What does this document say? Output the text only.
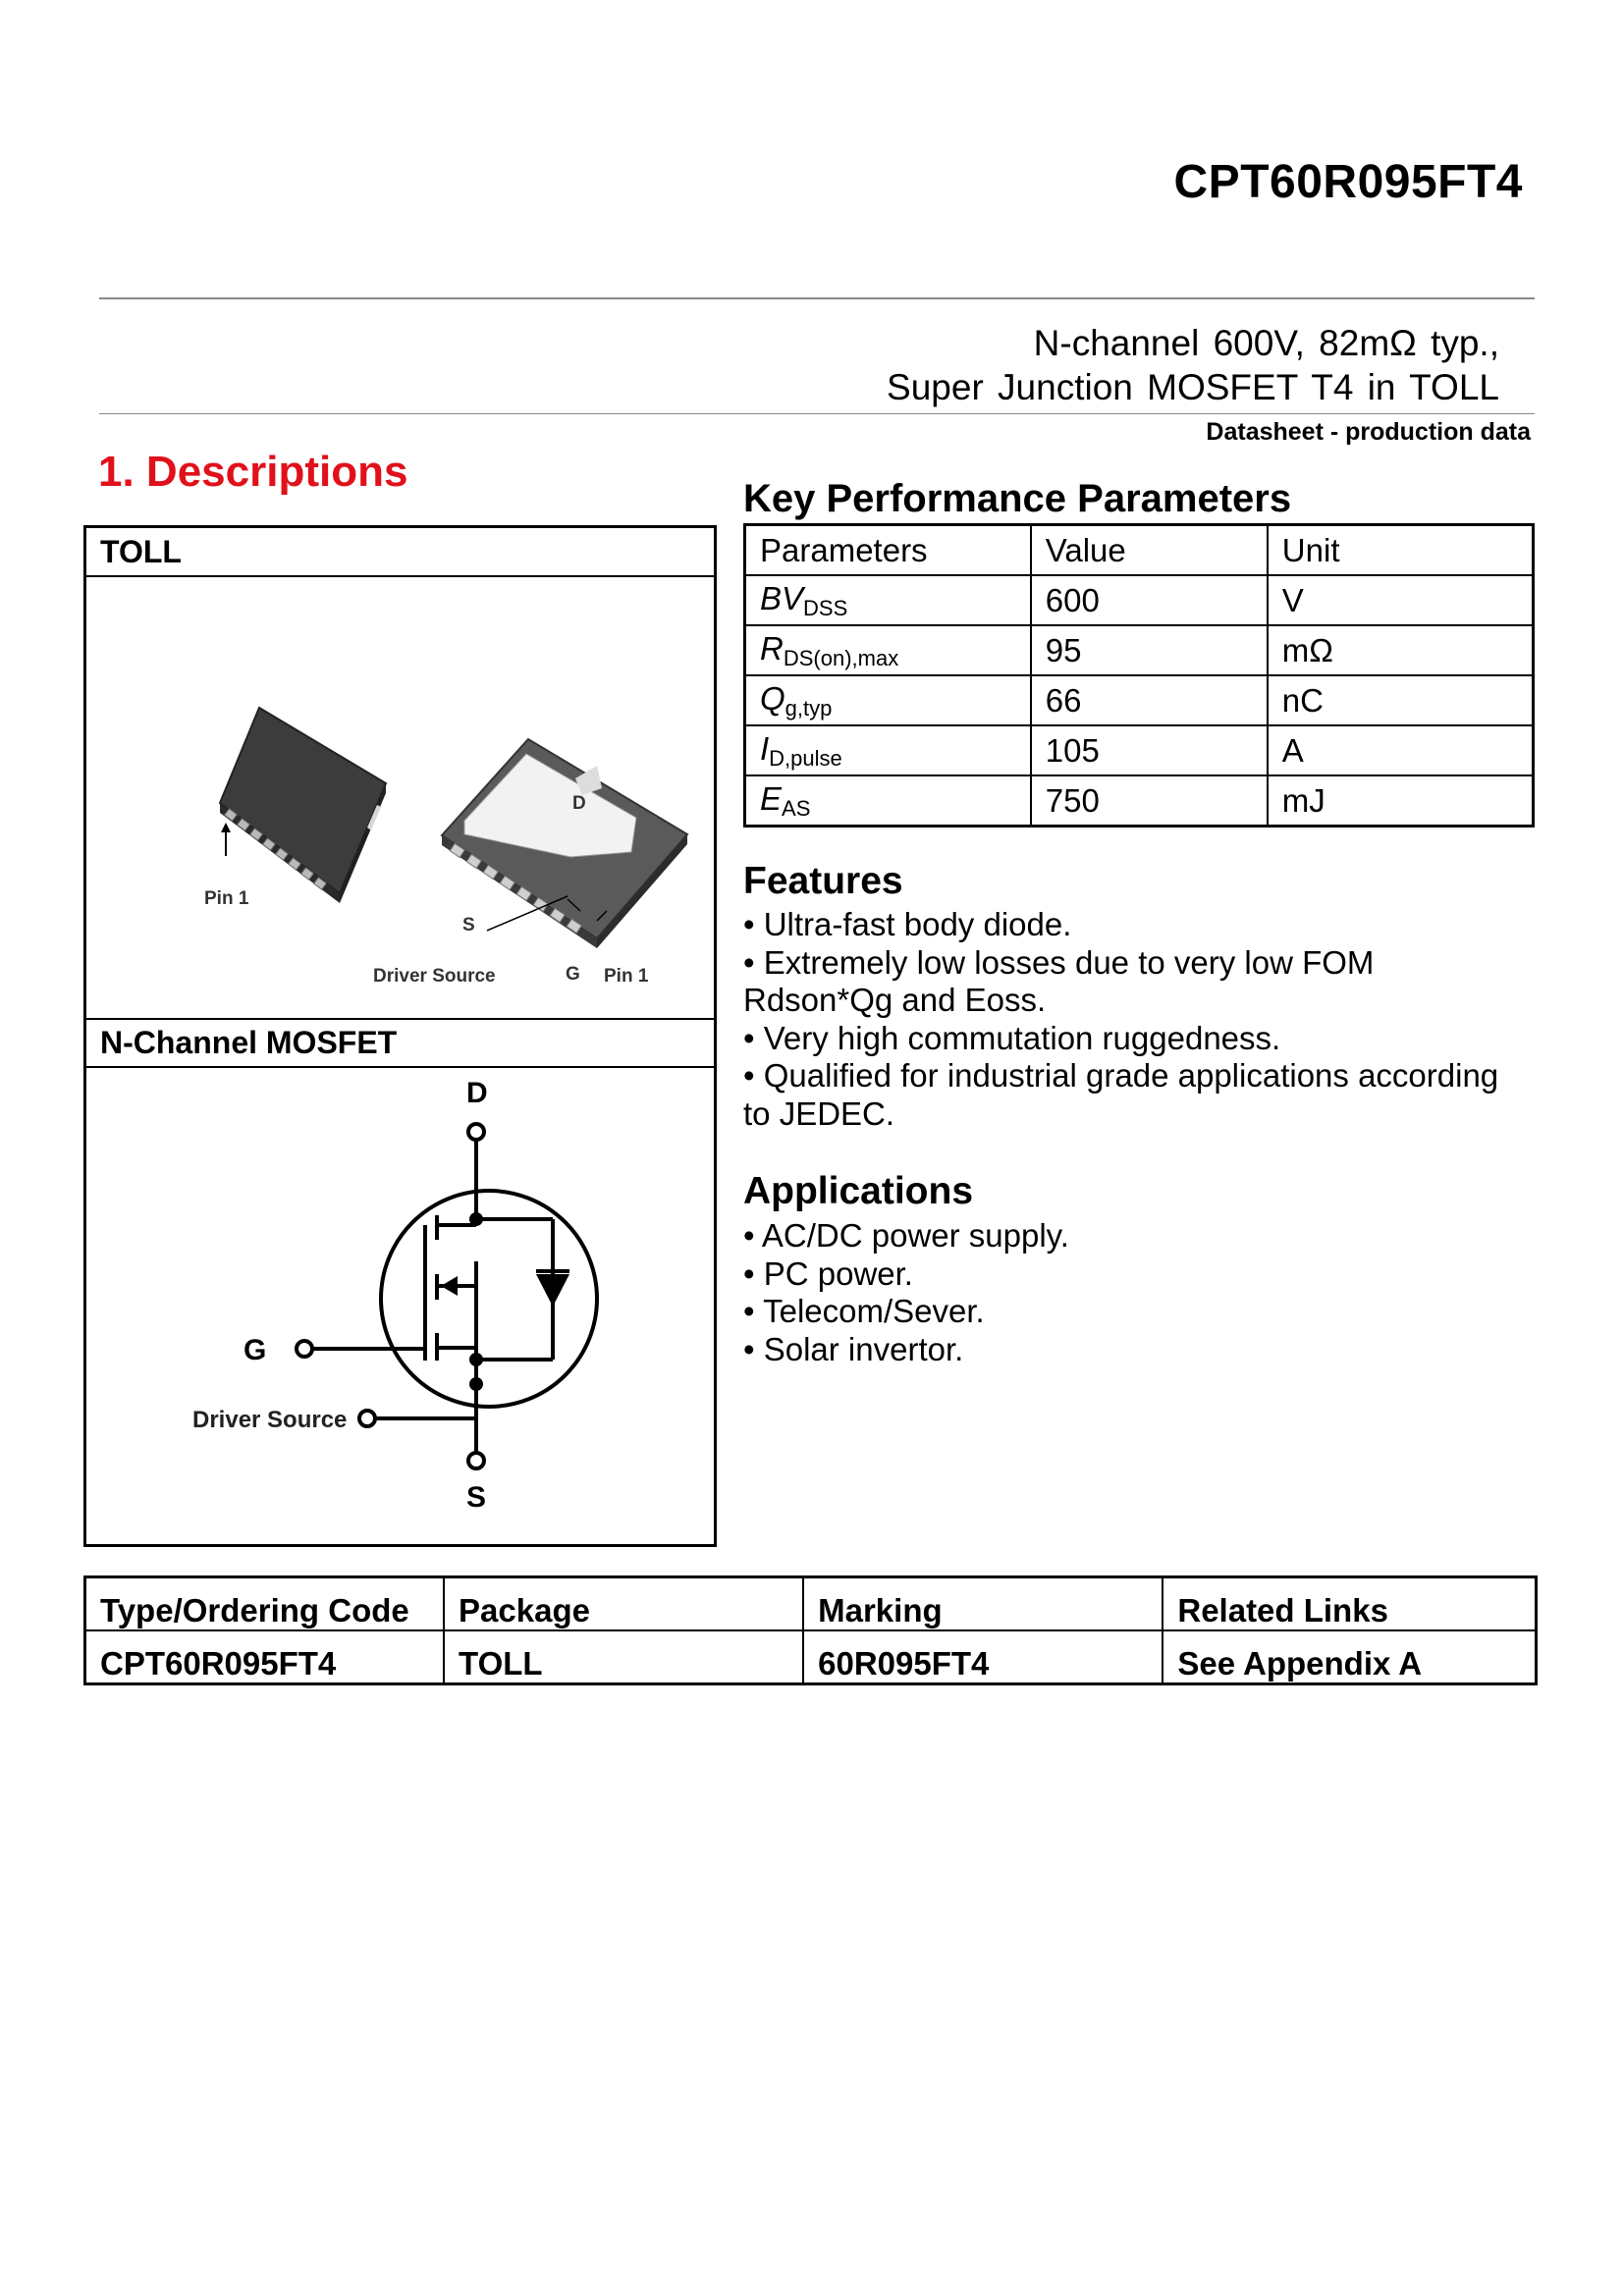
CPT60R095FT4
N-channel 600V, 82mΩ typ.,
Super Junction MOSFET T4 in TOLL
Datasheet - production data
1. Descriptions
TOLL
Pin 1
D
S
Driver Source	G Pin 1
N-Channel MOSFET
D
G
Driver Source
S
Key Performance Parameters
Parameters	Value	Unit
$BV_{DSS}$	600	V
$R_{DS(on),max}$	95	mΩ
$Q_{g,typ}$	66	nC
$I_{D,pulse}$	105	A
$E_{AS}$	750	mJ
Features
• Ultra-fast body diode.
• Extremely low losses due to very low FOM
Rdson*Qg and Eoss.
• Very high commutation ruggedness.
• Qualified for industrial grade applications according
to JEDEC.
Applications
• AC/DC power supply.
• PC power.
• Telecom/Sever.
• Solar invertor.
Type/Ordering Code	Package	Marking	Related Links
CPT60R095FT4	TOLL	60R095FT4	See Appendix A
